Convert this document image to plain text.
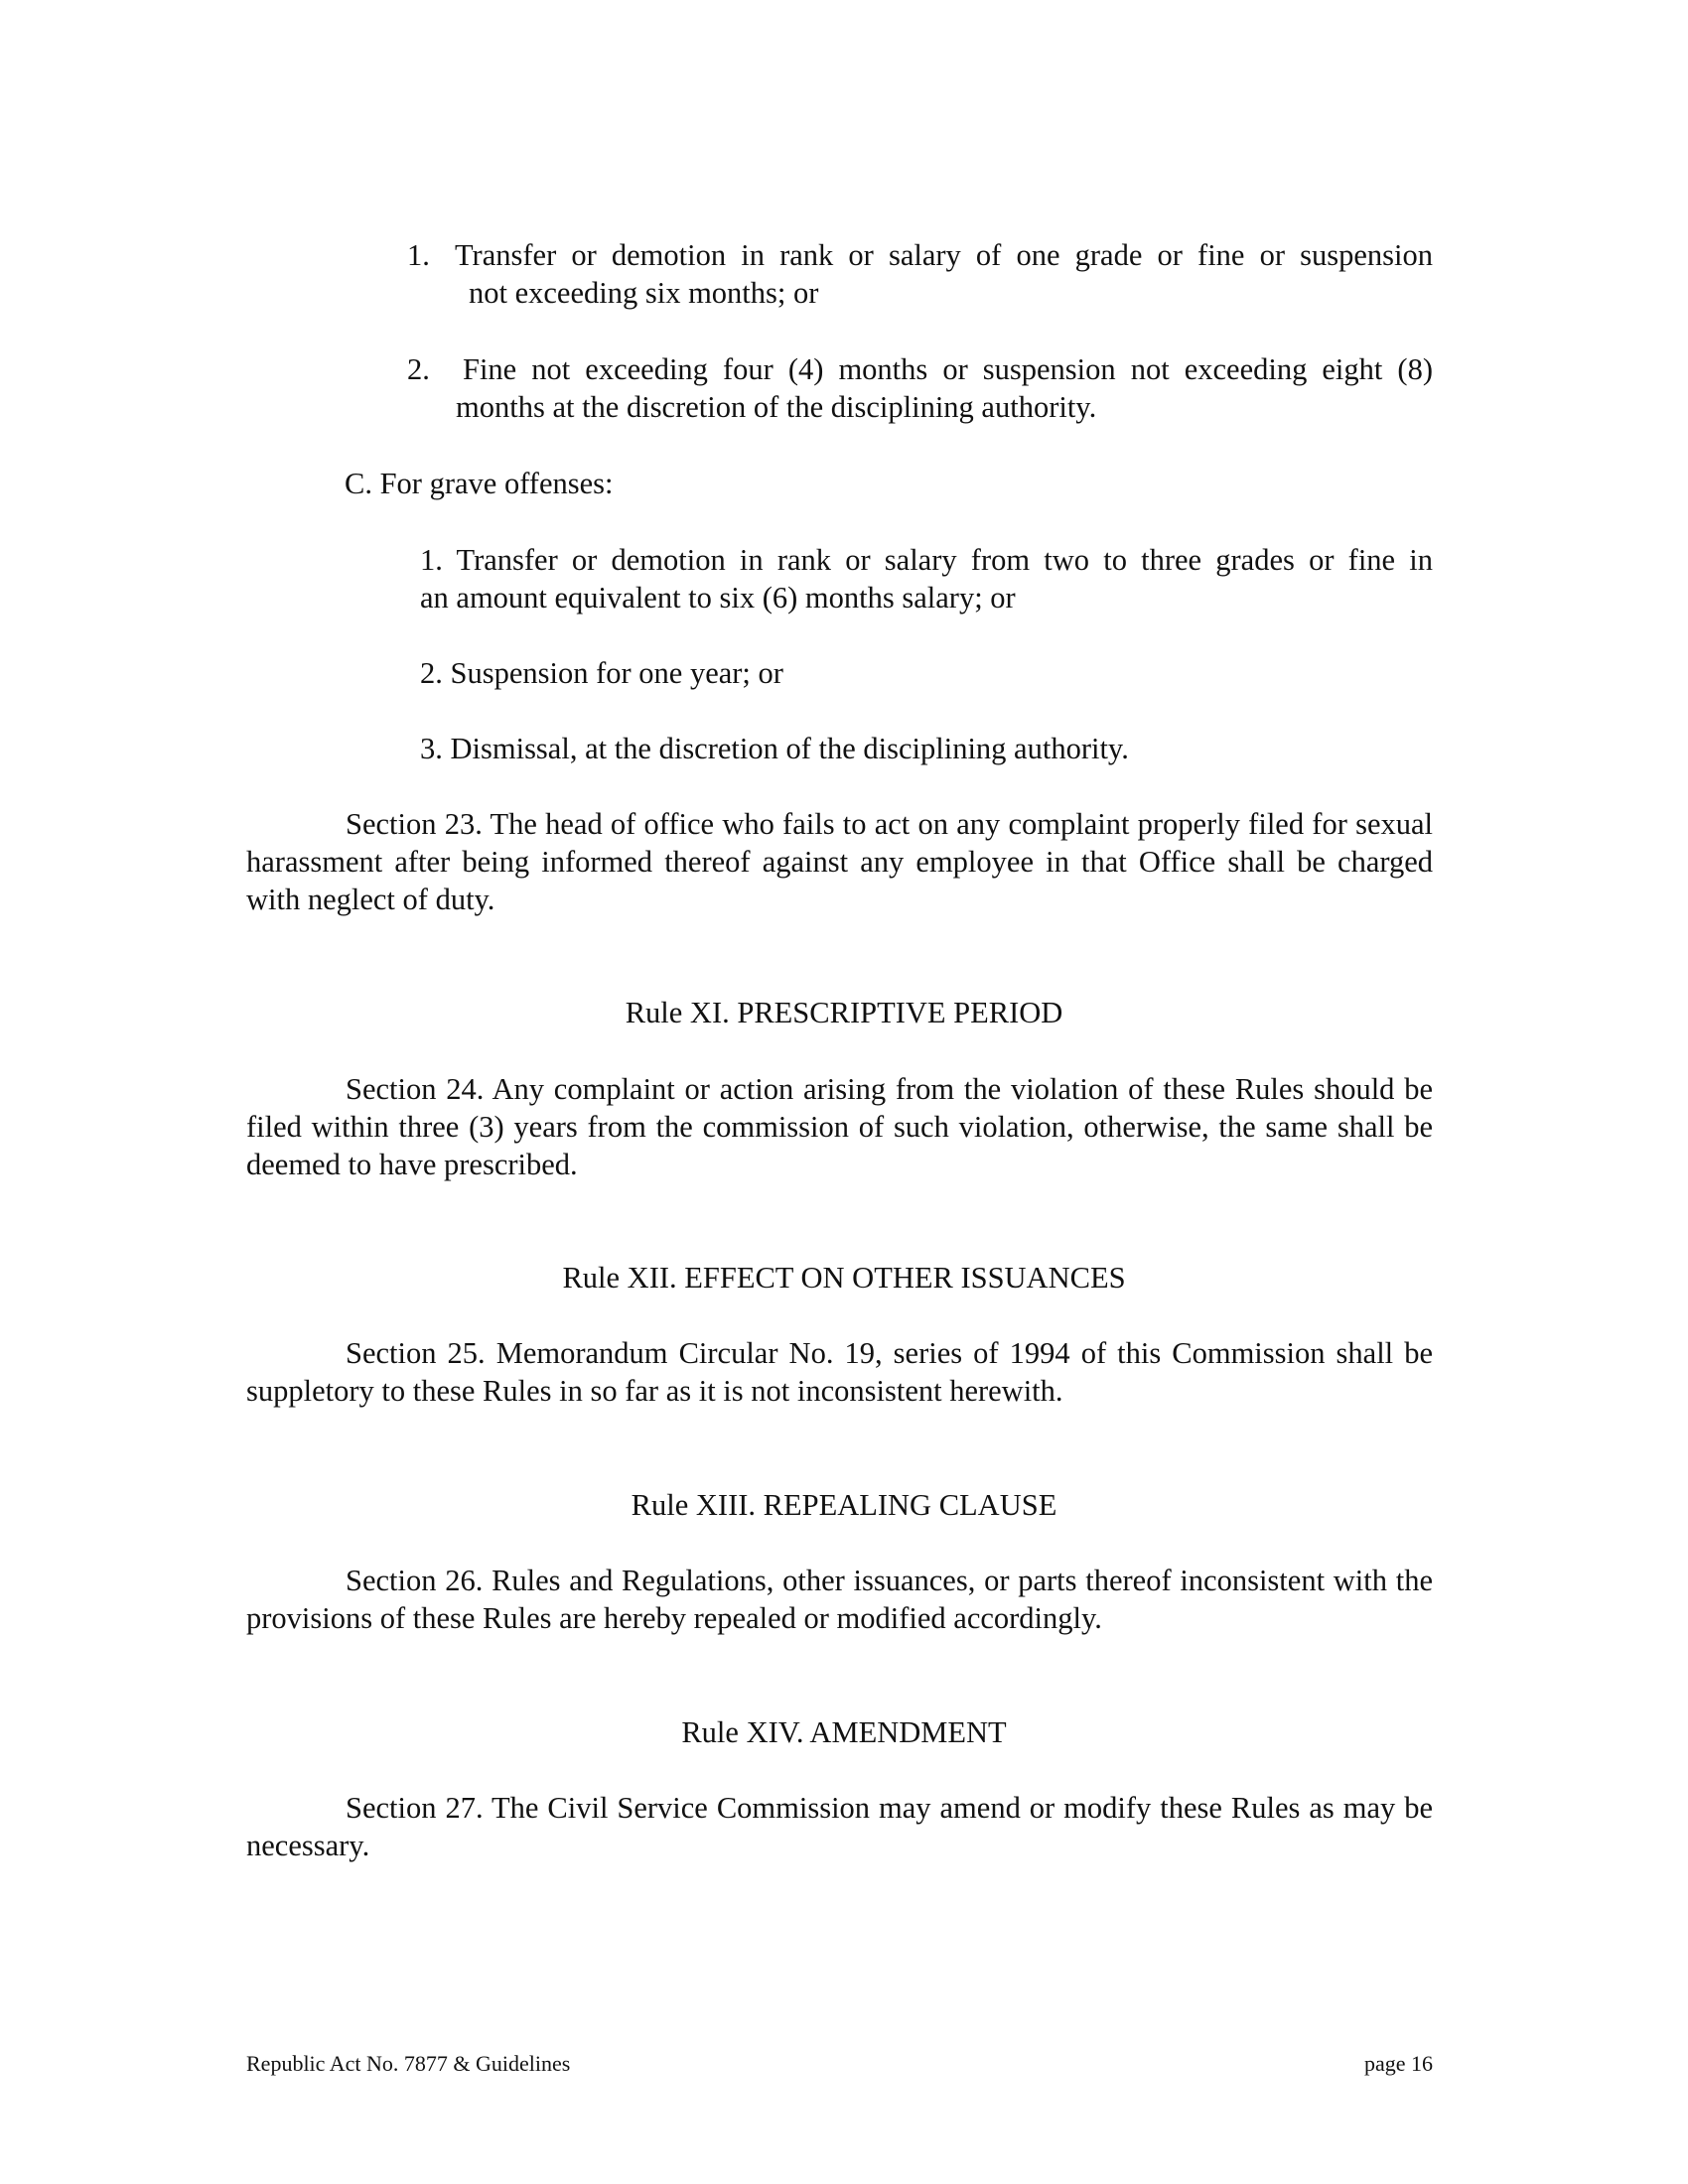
1. Transfer or demotion in rank or salary of one grade or fine or suspension

not exceeding six months; or

2. Fine not exceeding four (4) months or suspension not exceeding eight (8)

months at the discretion of the disciplining authority.

C. For grave offenses:

1. Transfer or demotion in rank or salary from two to three grades or fine in

an amount equivalent to six (6) months salary; or

2. Suspension for one year; or

3. Dismissal, at the discretion of the disciplining authority.

Section 23. The head of office who fails to act on any complaint properly filed for sexual harassment after being informed thereof against any employee in that Office shall be charged with neglect of duty.

Rule XI. PRESCRIPTIVE PERIOD

Section 24. Any complaint or action arising from the violation of these Rules should be filed within three (3) years from the commission of such violation, otherwise, the same shall be deemed to have prescribed.

Rule XII. EFFECT ON OTHER ISSUANCES

Section 25. Memorandum Circular No. 19, series of 1994 of this Commission shall be suppletory to these Rules in so far as it is not inconsistent herewith.

Rule XIII. REPEALING CLAUSE

Section 26. Rules and Regulations, other issuances, or parts thereof inconsistent with the provisions of these Rules are hereby repealed or modified accordingly.

Rule XIV. AMENDMENT

Section 27. The Civil Service Commission may amend or modify these Rules as may be necessary.

Republic Act No. 7877 & Guidelines	page 16
